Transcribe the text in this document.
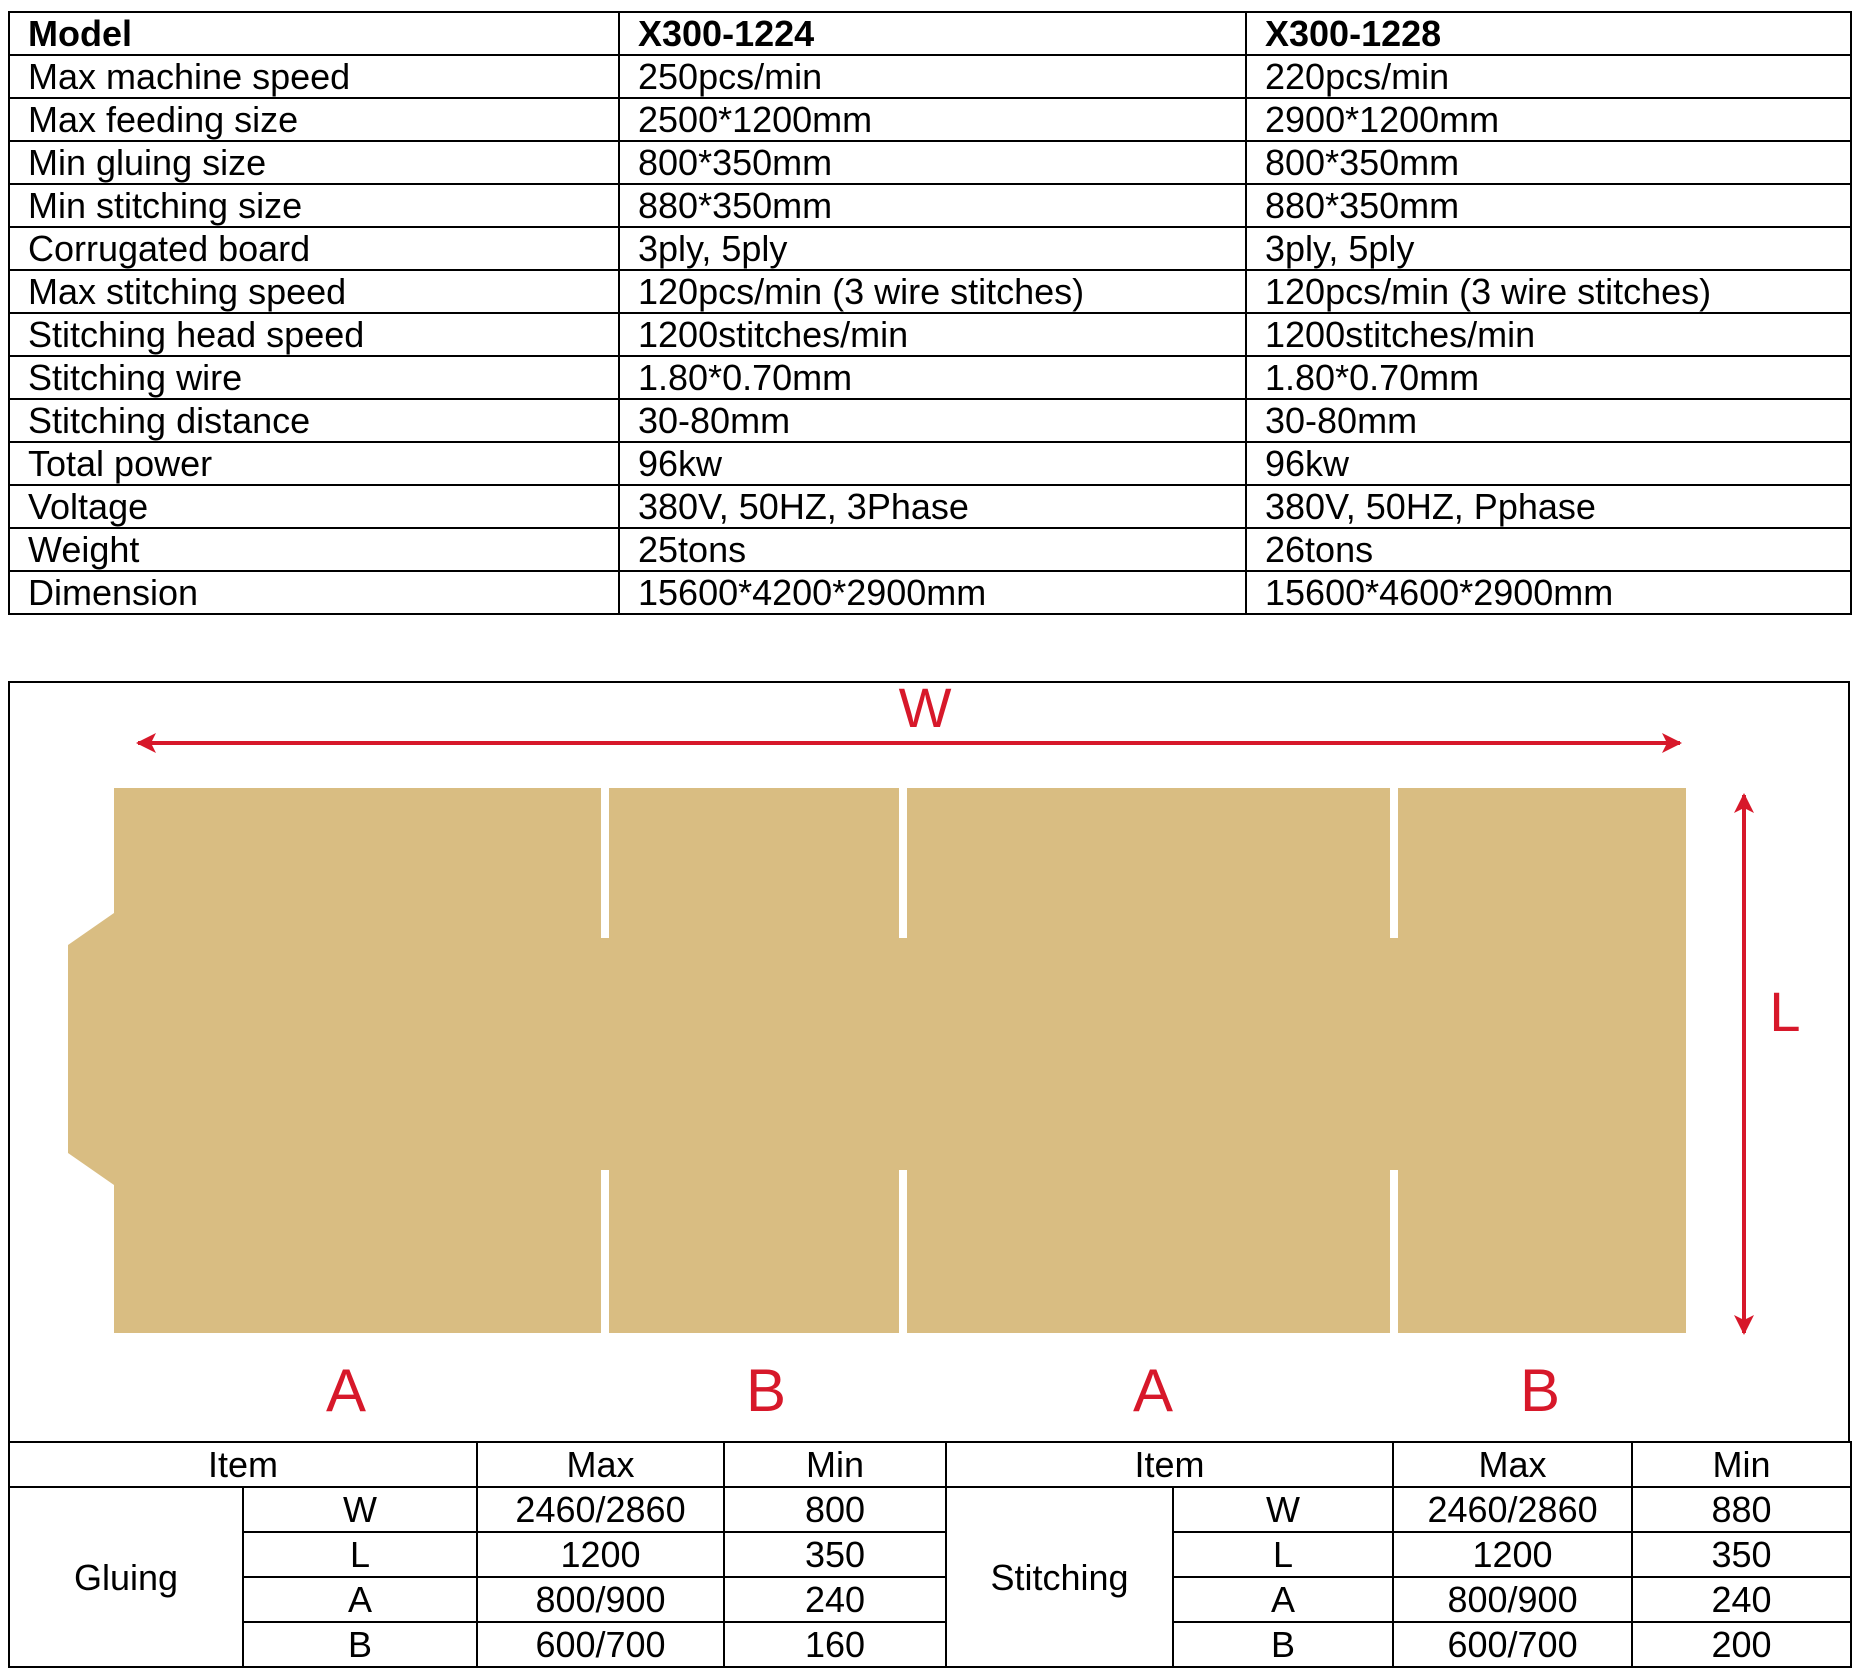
Model	X300-1224	X300-1228
Max machine speed	250pcs/min	220pcs/min
Max feeding size	2500*1200mm	2900*1200mm
Min gluing size	800*350mm	800*350mm
Min stitching size	880*350mm	880*350mm
Corrugated board	3ply, 5ply	3ply, 5ply
Max stitching speed	120pcs/min (3 wire stitches)	120pcs/min (3 wire stitches)
Stitching head speed	1200stitches/min	1200stitches/min
Stitching wire	1.80*0.70mm	1.80*0.70mm
Stitching distance	30-80mm	30-80mm
Total power	96kw	96kw
Voltage	380V, 50HZ, 3Phase	380V, 50HZ, Pphase
Weight	25tons	26tons
Dimension	15600*4200*2900mm	15600*4600*2900mm
W
L
A	B	A	B
Item		Max	Min	Item		Max	Min
Gluing	W	2460/2860	800	Stitching	W	2460/2860	880
	L	1200	350		L	1200	350
	A	800/900	240		A	800/900	240
	B	600/700	160		B	600/700	200
